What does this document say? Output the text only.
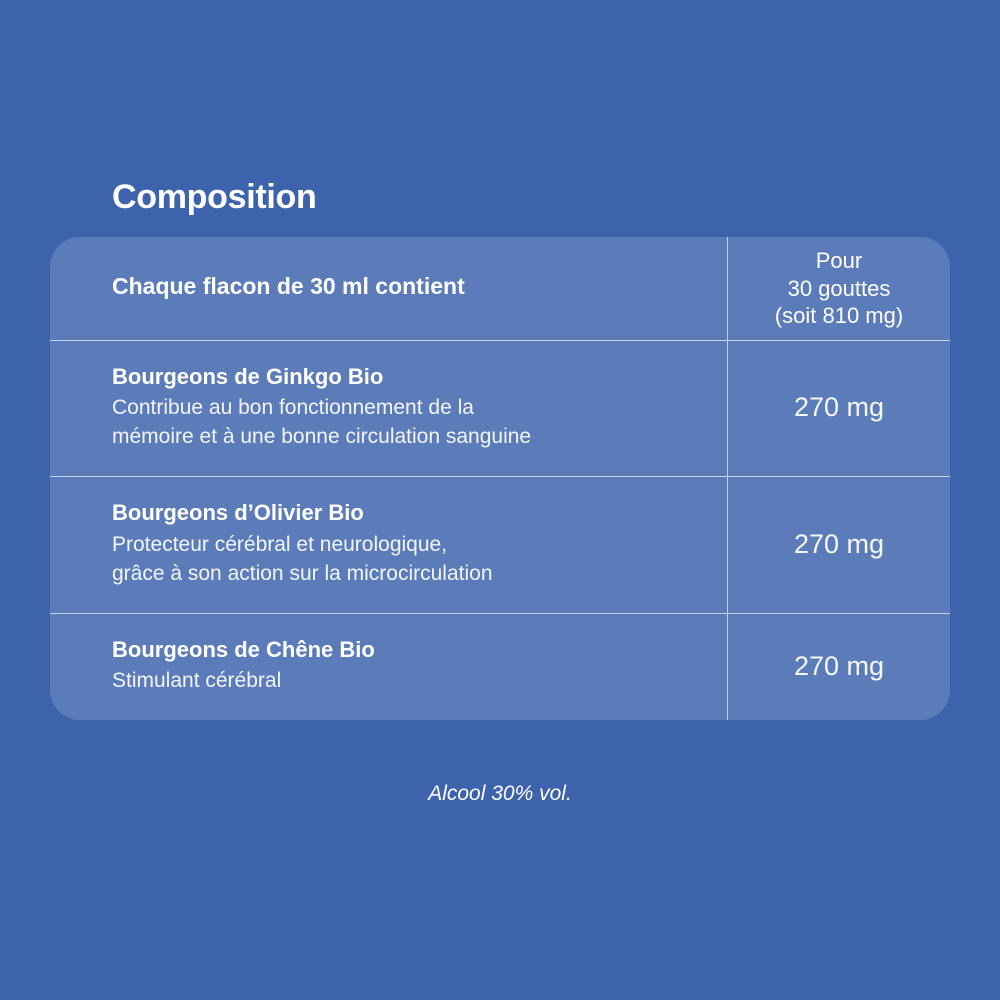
Composition
Chaque flacon de 30 ml contient
Pour
30 gouttes
(soit 810 mg)
Bourgeons de Ginkgo Bio
Contribue au bon fonctionnement de la
mémoire et à une bonne circulation sanguine
270 mg
Bourgeons d’Olivier Bio
Protecteur cérébral et neurologique,
grâce à son action sur la microcirculation
270 mg
Bourgeons de Chêne Bio
Stimulant cérébral	270 mg
Alcool 30% vol.
